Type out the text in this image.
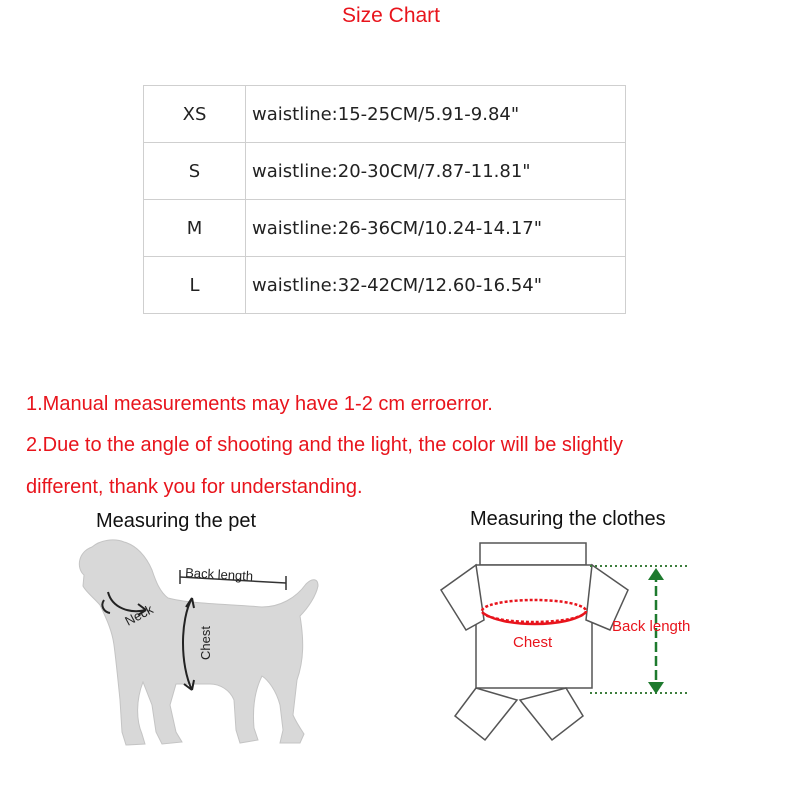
Size Chart
XS	waistline:15-25CM/5.91-9.84"
S	waistline:20-30CM/7.87-11.81"
M	waistline:26-36CM/10.24-14.17"
L	waistline:32-42CM/12.60-16.54"
1.Manual measurements may have 1-2 cm erroerror.
2.Due to the angle of shooting and the light, the color will be slightly
different, thank you for understanding.
Measuring the pet	Measuring the clothes
Back length
Neck
Chest	Chest
Back length
